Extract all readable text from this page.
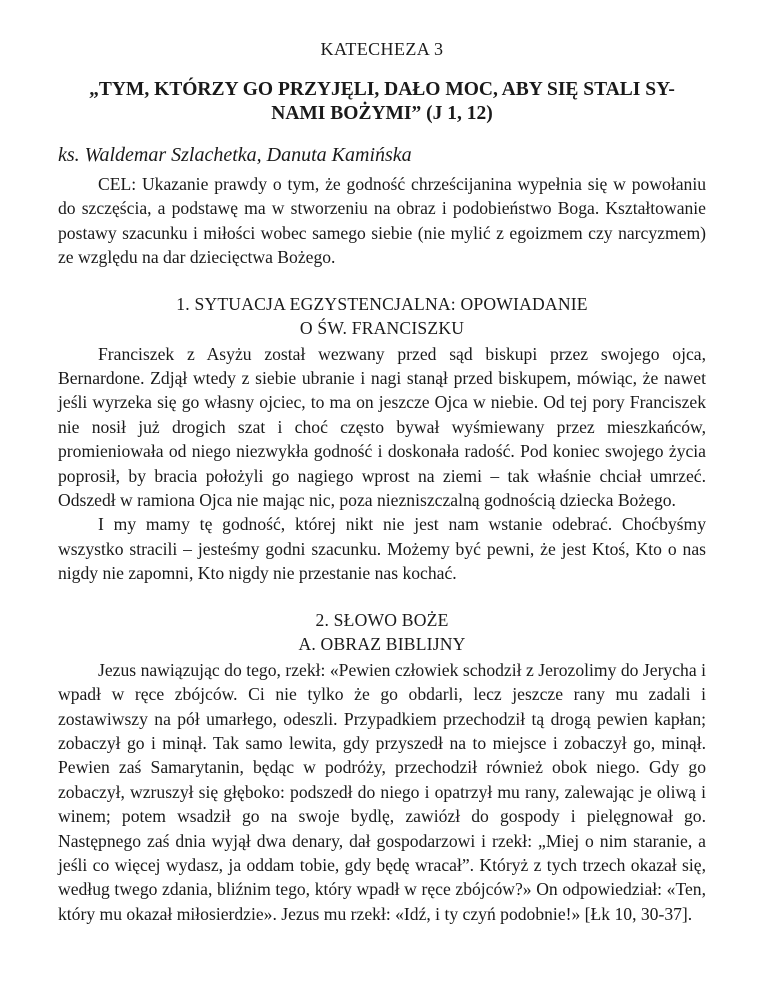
KATECHEZA 3
„TYM, KTÓRZY GO PRZYJĘLI, DAŁO MOC, ABY SIĘ STALI SY-
NAMI BOŻYMI” (J 1, 12)
ks. Waldemar Szlachetka, Danuta Kamińska

CEL: Ukazanie prawdy o tym, że godność chrześcijanina wypełnia się w powołaniu do szczęścia, a podstawę ma w stworzeniu na obraz i podobieństwo Boga. Kształtowanie postawy szacunku i miłości wobec samego siebie (nie mylić z egoizmem czy narcyzmem) ze względu na dar dziecięctwa Bożego.

1. SYTUACJA EGZYSTENCJALNA: OPOWIADANIE
O ŚW. FRANCISZKU

Franciszek z Asyżu został wezwany przed sąd biskupi przez swojego ojca, Bernardone. Zdjął wtedy z siebie ubranie i nagi stanął przed biskupem, mówiąc, że nawet jeśli wyrzeka się go własny ojciec, to ma on jeszcze Ojca w niebie. Od tej pory Franciszek nie nosił już drogich szat i choć często bywał wyśmiewany przez mieszkańców, promieniowała od niego niezwykła godność i doskonała radość. Pod koniec swojego życia poprosił, by bracia położyli go nagiego wprost na ziemi – tak właśnie chciał umrzeć. Odszedł w ramiona Ojca nie mając nic, poza niezniszczalną godnością dziecka Bożego.

I my mamy tę godność, której nikt nie jest nam wstanie odebrać. Choćbyśmy wszystko stracili – jesteśmy godni szacunku. Możemy być pewni, że jest Ktoś, Kto o nas nigdy nie zapomni, Kto nigdy nie przestanie nas kochać.

2. SŁOWO BOŻE
A. OBRAZ BIBLIJNY

Jezus nawiązując do tego, rzekł: «Pewien człowiek schodził z Jerozolimy do Jerycha i wpadł w ręce zbójców. Ci nie tylko że go obdarli, lecz jeszcze rany mu zadali i zostawiwszy na pół umarłego, odeszli. Przypadkiem przechodził tą drogą pewien kapłan; zobaczył go i minął. Tak samo lewita, gdy przyszedł na to miejsce i zobaczył go, minął. Pewien zaś Samarytanin, będąc w podróży, przechodził również obok niego. Gdy go zobaczył, wzruszył się głęboko: podszedł do niego i opatrzył mu rany, zalewając je oliwą i winem; potem wsadził go na swoje bydlę, zawiózł do gospody i pielęgnował go. Następnego zaś dnia wyjął dwa denary, dał gospodarzowi i rzekł: „Miej o nim staranie, a jeśli co więcej wydasz, ja oddam tobie, gdy będę wracał”. Któryż z tych trzech okazał się, według twego zdania, bliźnim tego, który wpadł w ręce zbójców?» On odpowiedział: «Ten, który mu okazał miłosierdzie». Jezus mu rzekł: «Idź, i ty czyń podobnie!» [Łk 10, 30-37].
